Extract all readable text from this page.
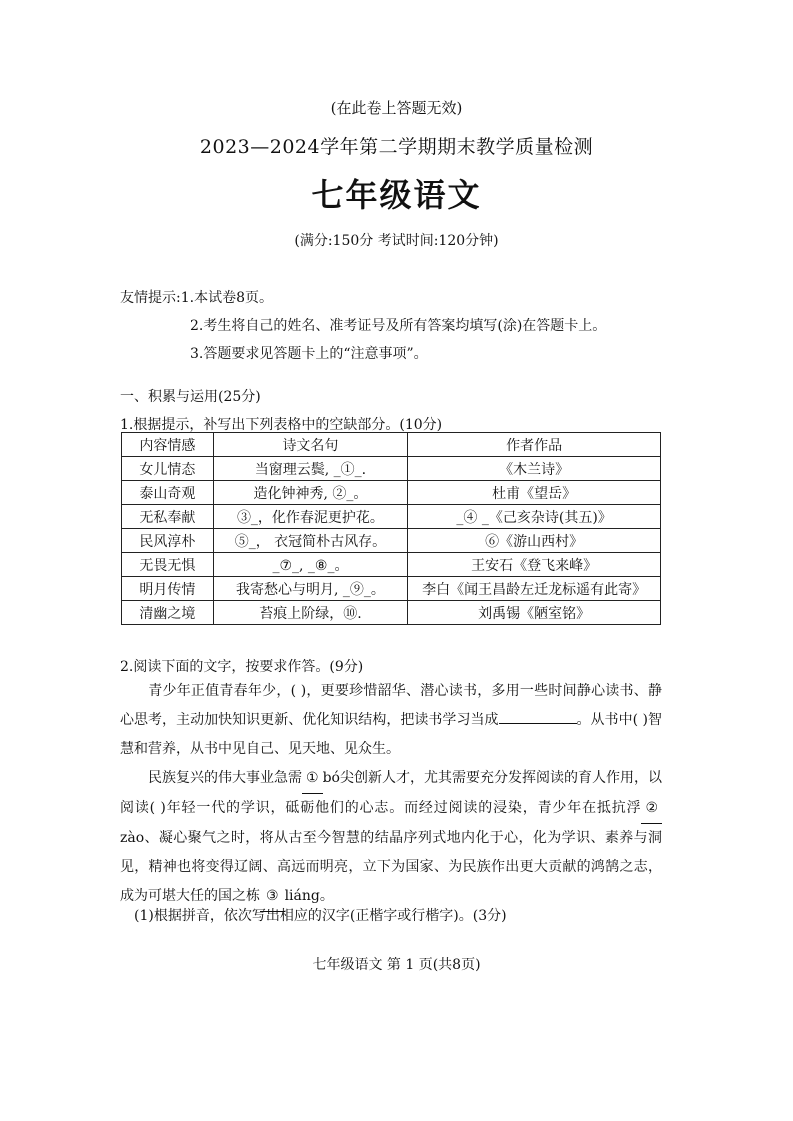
(在此卷上答题无效)
2023—2024学年第二学期期末教学质量检测
七年级语文
(满分:150分 考试时间:120分钟)
友情提示:1.本试卷8页。
2.考生将自己的姓名、准考证号及所有答案均填写(涂)在答题卡上。
3.答题要求见答题卡上的“注意事项”。
一、积累与运用(25分)
1.根据提示，补写出下列表格中的空缺部分。(10分)
内容情感	诗文名句	作者作品
女儿情态	当窗理云鬓, _①_.	《木兰诗》
泰山奇观	造化钟神秀, ②_。	杜甫《望岳》
无私奉献	③_，化作春泥更护花。	_④ _《己亥杂诗(其五)》
民风淳朴	⑤_， 衣冠简朴古风存。	⑥《游山西村》
无畏无惧	_⑦_, _⑧_。	王安石《登飞来峰》
明月传情	我寄愁心与明月, _⑨_。	李白《闻王昌龄左迁龙标遥有此寄》
清幽之境	苔痕上阶绿，⑩.	刘禹锡《陋室铭》
2.阅读下面的文字，按要求作答。(9分)
青少年正值青春年少，( )，更要珍惜韶华、潜心读书，多用一些时间静心读书、静心思考，主动加快知识更新、优化知识结构，把读书学习当成	。从书中( )智慧和营养，从书中见自己、见天地、见众生。
民族复兴的伟大事业急需 ① bó尖创新人才，尤其需要充分发挥阅读的育人作用，以阅读( )年轻一代的学识，砥砺他们的心志。而经过阅读的浸染，青少年在抵抗浮 ②zào、凝心聚气之时，将从古至今智慧的结晶序列式地内化于心，化为学识、素养与洞见，精神也将变得辽阔、高远而明亮，立下为国家、为民族作出更大贡献的鸿鹄之志，成为可堪大任的国之栋 ③ liáng。
(1)根据拼音，依次写出相应的汉字(正楷字或行楷字)。(3分)
七年级语文 第 1 页(共8页)
